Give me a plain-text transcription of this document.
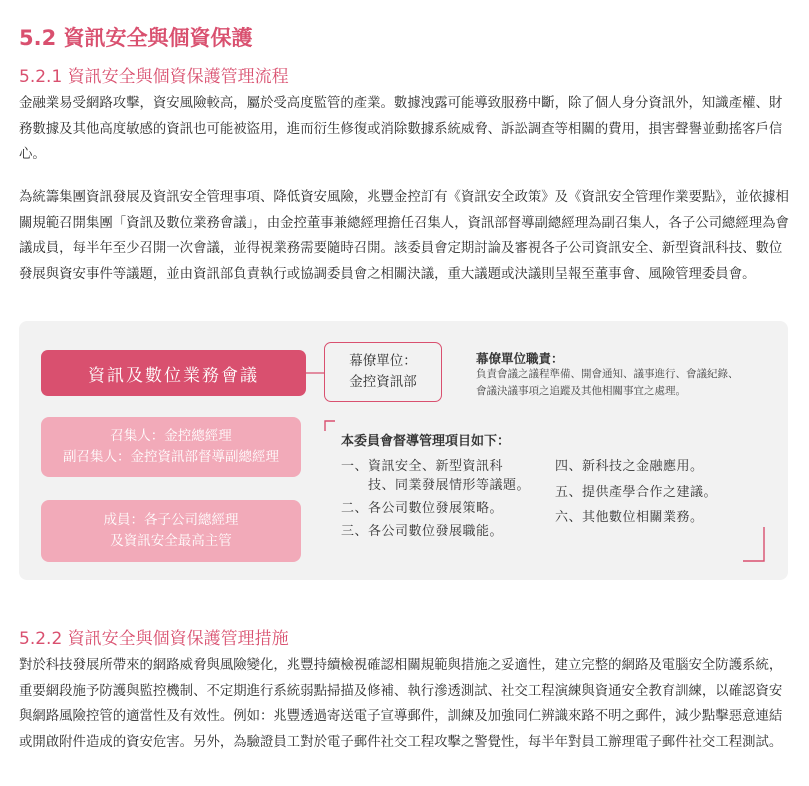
5.2 資訊安全與個資保護
5.2.1 資訊安全與個資保護管理流程

金融業易受網路攻擊，資安風險較高，屬於受高度監管的產業。數據洩露可能導致服務中斷，除了個人身分資訊外，知識產權、財務數據及其他高度敏感的資訊也可能被盜用，進而衍生修復或消除數據系統威脅、訴訟調查等相關的費用，損害聲譽並動搖客戶信心。

為統籌集團資訊發展及資訊安全管理事項、降低資安風險，兆豐金控訂有《資訊安全政策》及《資訊安全管理作業要點》，並依據相關規範召開集團「資訊及數位業務會議」，由金控董事兼總經理擔任召集人，資訊部督導副總經理為副召集人，各子公司總經理為會議成員，每半年至少召開一次會議，並得視業務需要隨時召開。該委員會定期討論及審視各子公司資訊安全、新型資訊科技、數位發展與資安事件等議題，並由資訊部負責執行或協調委員會之相關決議，重大議題或決議則呈報至董事會、風險管理委員會。

資訊及數位業務會議
召集人：金控總經理
副召集人：金控資訊部督導副總經理
成員：各子公司總經理
及資訊安全最高主管
幕僚單位：
金控資訊部
幕僚單位職責：
負責會議之議程準備、開會通知、議事進行、會議紀錄、
會議決議事項之追蹤及其他相關事宜之處理。
本委員會督導管理項目如下：
一、資訊安全、新型資訊科
　　技、同業發展情形等議題。
二、各公司數位發展策略。
三、各公司數位發展職能。
四、新科技之金融應用。
五、提供產學合作之建議。
六、其他數位相關業務。
5.2.2 資訊安全與個資保護管理措施

對於科技發展所帶來的網路威脅與風險變化，兆豐持續檢視確認相關規範與措施之妥適性，建立完整的網路及電腦安全防護系統，重要網段施予防護與監控機制、不定期進行系統弱點掃描及修補、執行滲透測試、社交工程演練與資通安全教育訓練，以確認資安與網路風險控管的適當性及有效性。例如：兆豐透過寄送電子宣導郵件，訓練及加強同仁辨識來路不明之郵件，減少點擊惡意連結或開啟附件造成的資安危害。另外，為驗證員工對於電子郵件社交工程攻擊之警覺性，每半年對員工辦理電子郵件社交工程測試。
